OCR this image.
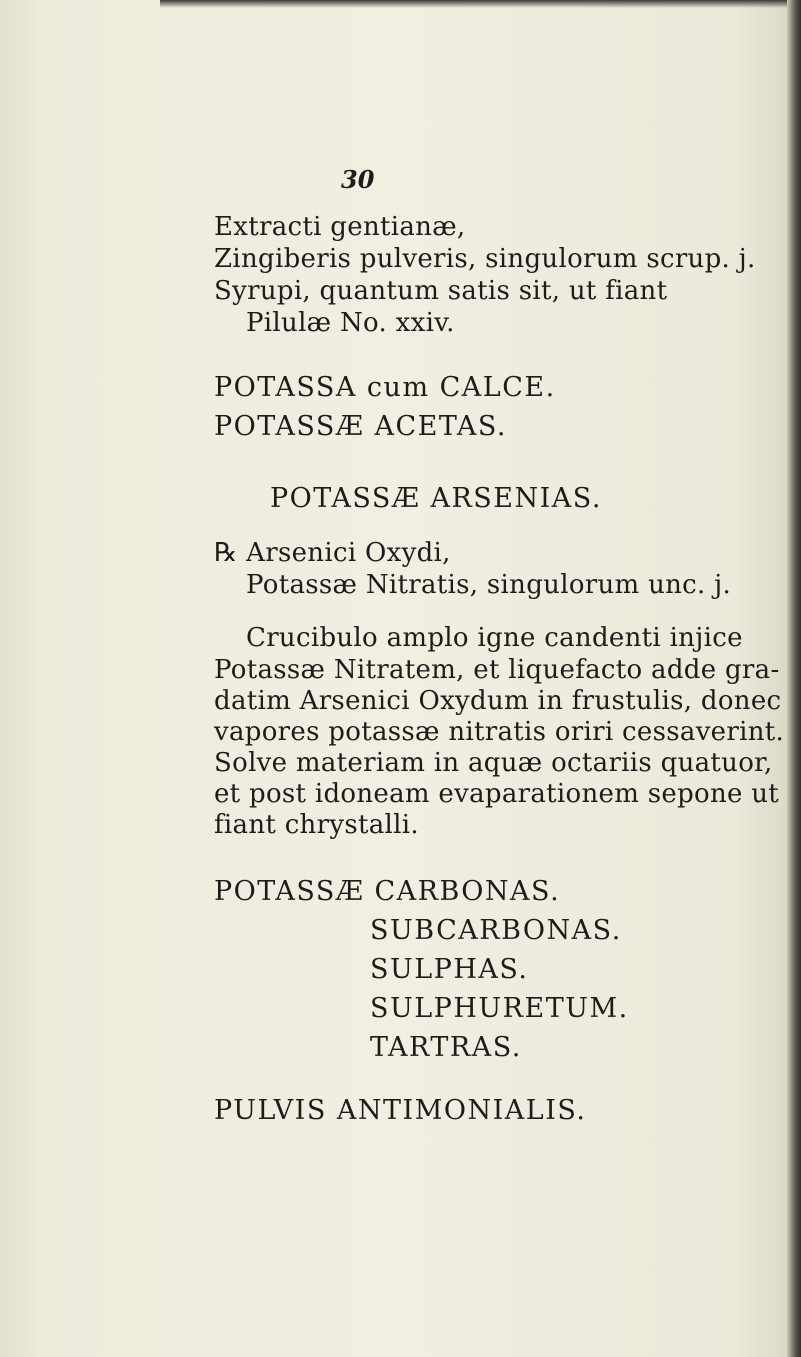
30
Extracti gentianæ,
Zingiberis pulveris, singulorum scrup. j.
Syrupi, quantum satis sit, ut fiant
Pilulæ No. xxiv.
POTASSA cum CALCE.
POTASSÆ ACETAS.
POTASSÆ ARSENIAS.
℞ Arsenici Oxydi,
Potassæ Nitratis, singulorum unc. j.
Crucibulo amplo igne candenti injice
Potassæ Nitratem, et liquefacto adde gra-
datim Arsenici Oxydum in frustulis, donec
vapores potassæ nitratis oriri cessaverint.
Solve materiam in aquæ octariis quatuor,
et post idoneam evaparationem sepone ut
fiant chrystalli.
POTASSÆ CARBONAS.
SUBCARBONAS.
SULPHAS.
SULPHURETUM.
TARTRAS.
PULVIS ANTIMONIALIS.
